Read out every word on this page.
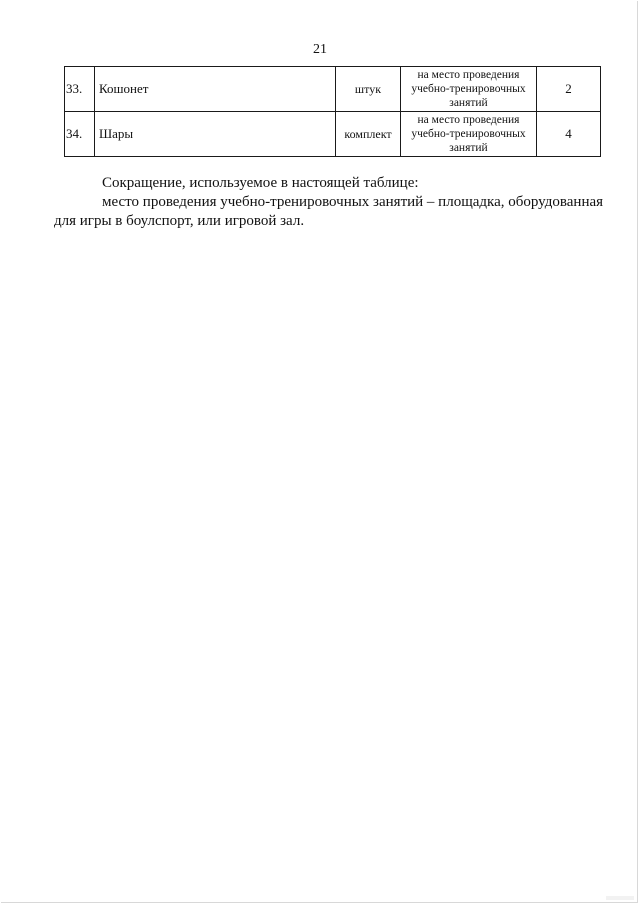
21
33.	Кошонет	штук	на место проведения
учебно-тренировочных
занятий	2
34.	Шары	комплект	на место проведения
учебно-тренировочных
занятий	4
Сокращение, используемое в настоящей таблице:
место проведения учебно-тренировочных занятий – площадка, оборудованная для игры в боулспорт, или игровой зал.
